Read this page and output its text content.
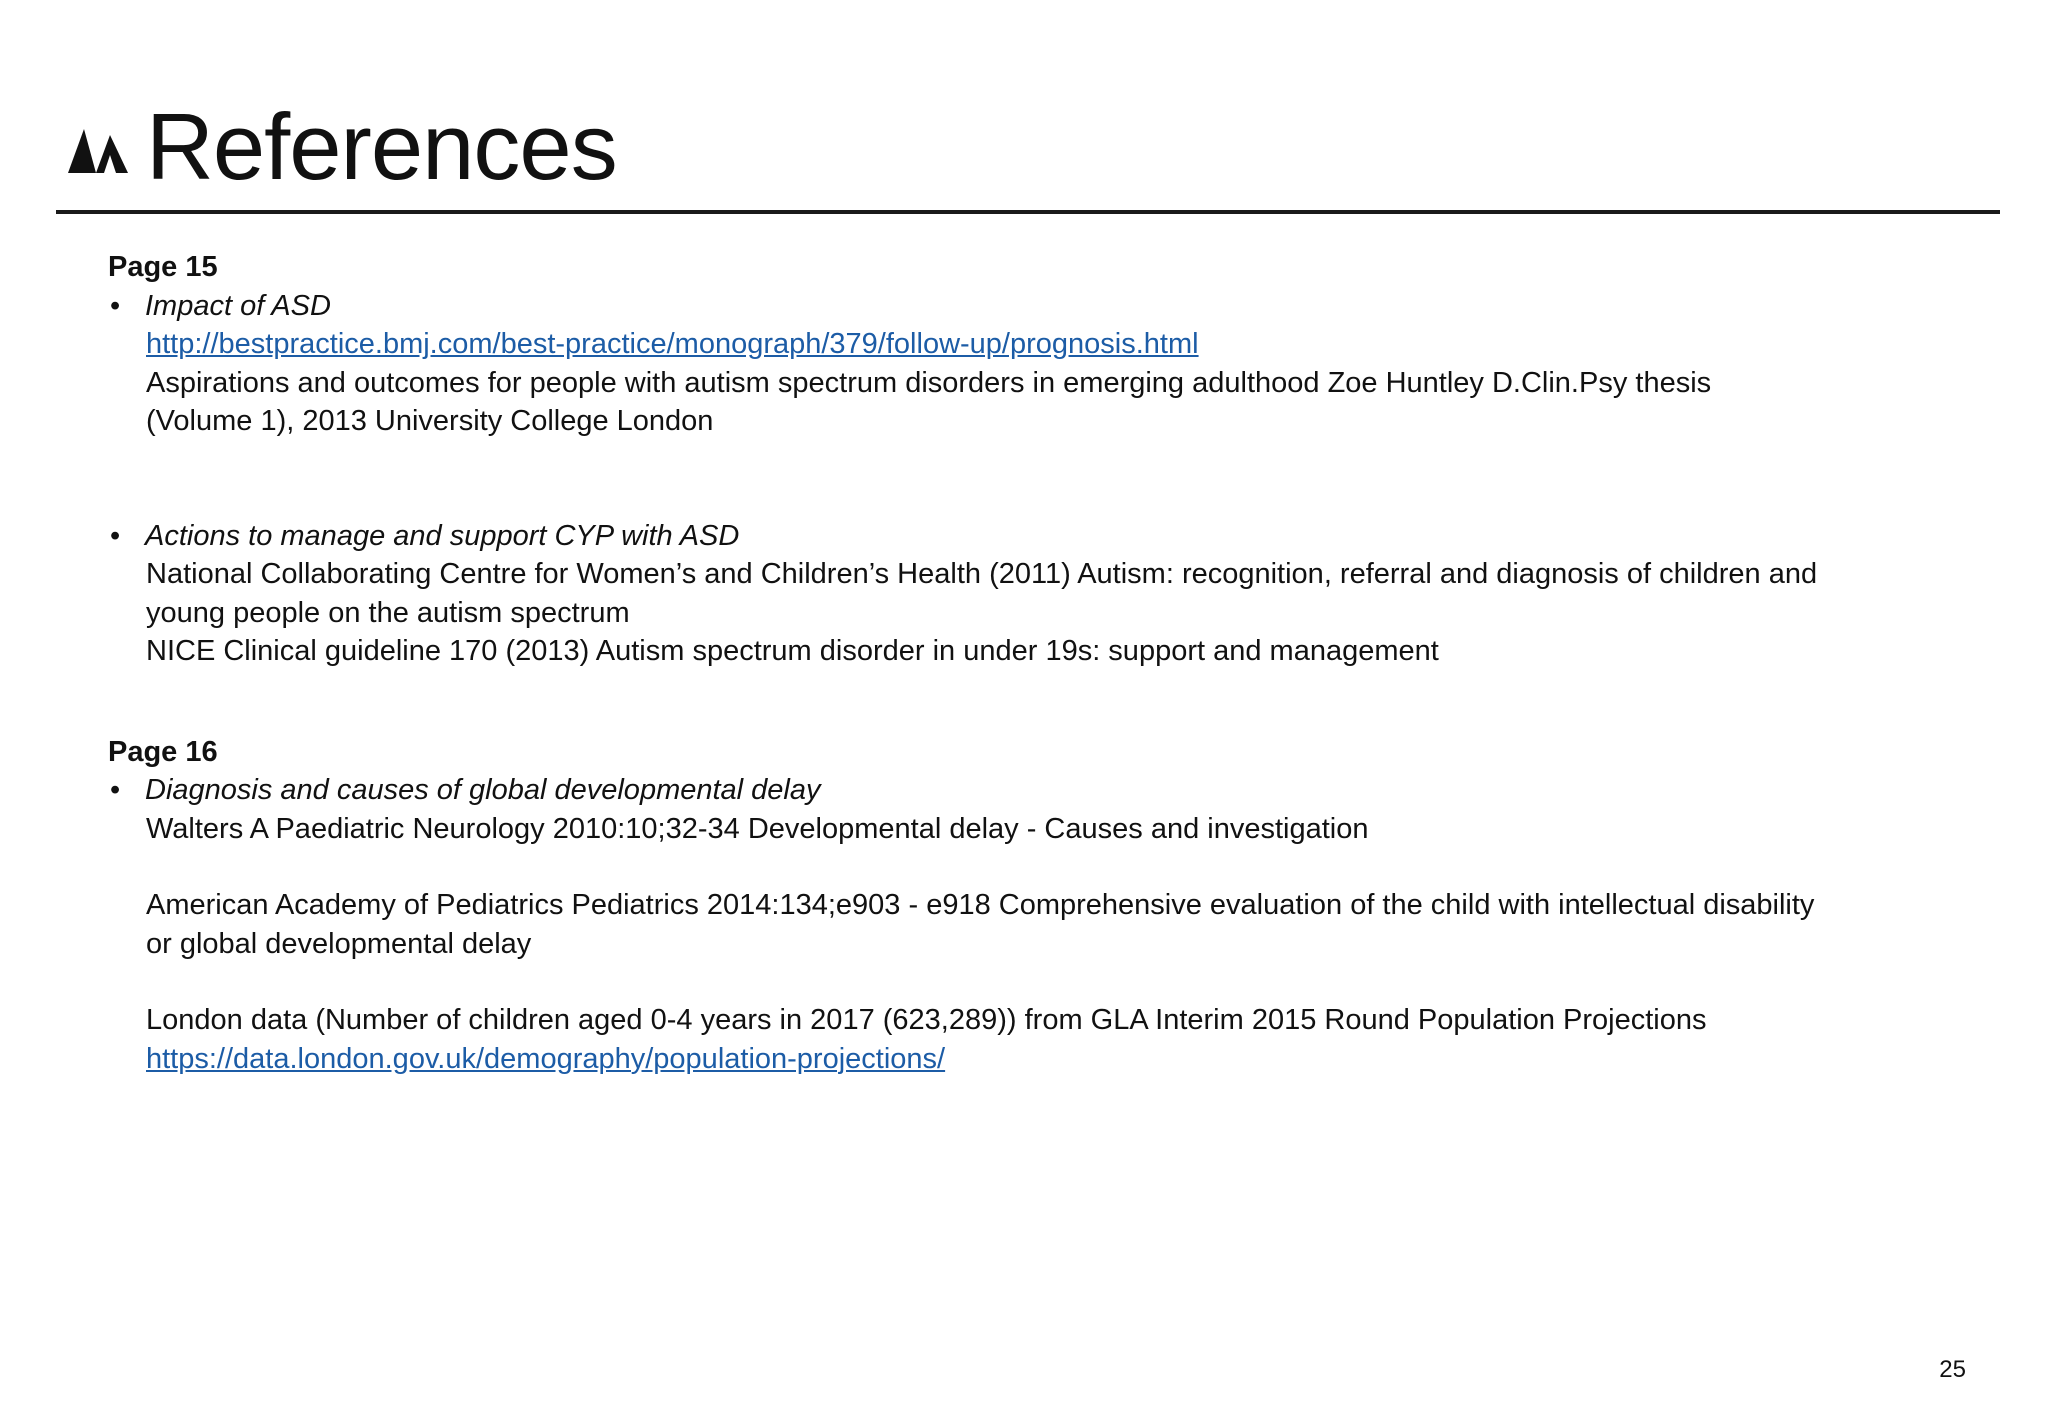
References
Page 15
• Impact of ASD
http://bestpractice.bmj.com/best-practice/monograph/379/follow-up/prognosis.html
Aspirations and outcomes for people with autism spectrum disorders in emerging adulthood Zoe Huntley D.Clin.Psy thesis
(Volume 1), 2013 University College London
• Actions to manage and support CYP with ASD
National Collaborating Centre for Women’s and Children’s Health (2011) Autism: recognition, referral and diagnosis of children and
young people on the autism spectrum
NICE Clinical guideline 170 (2013) Autism spectrum disorder in under 19s: support and management
Page 16
• Diagnosis and causes of global developmental delay
Walters A Paediatric Neurology 2010:10;32-34 Developmental delay - Causes and investigation
American Academy of Pediatrics Pediatrics 2014:134;e903 - e918 Comprehensive evaluation of the child with intellectual disability
or global developmental delay
London data (Number of children aged 0-4 years in 2017 (623,289)) from GLA Interim 2015 Round Population Projections
https://data.london.gov.uk/demography/population-projections/
25
